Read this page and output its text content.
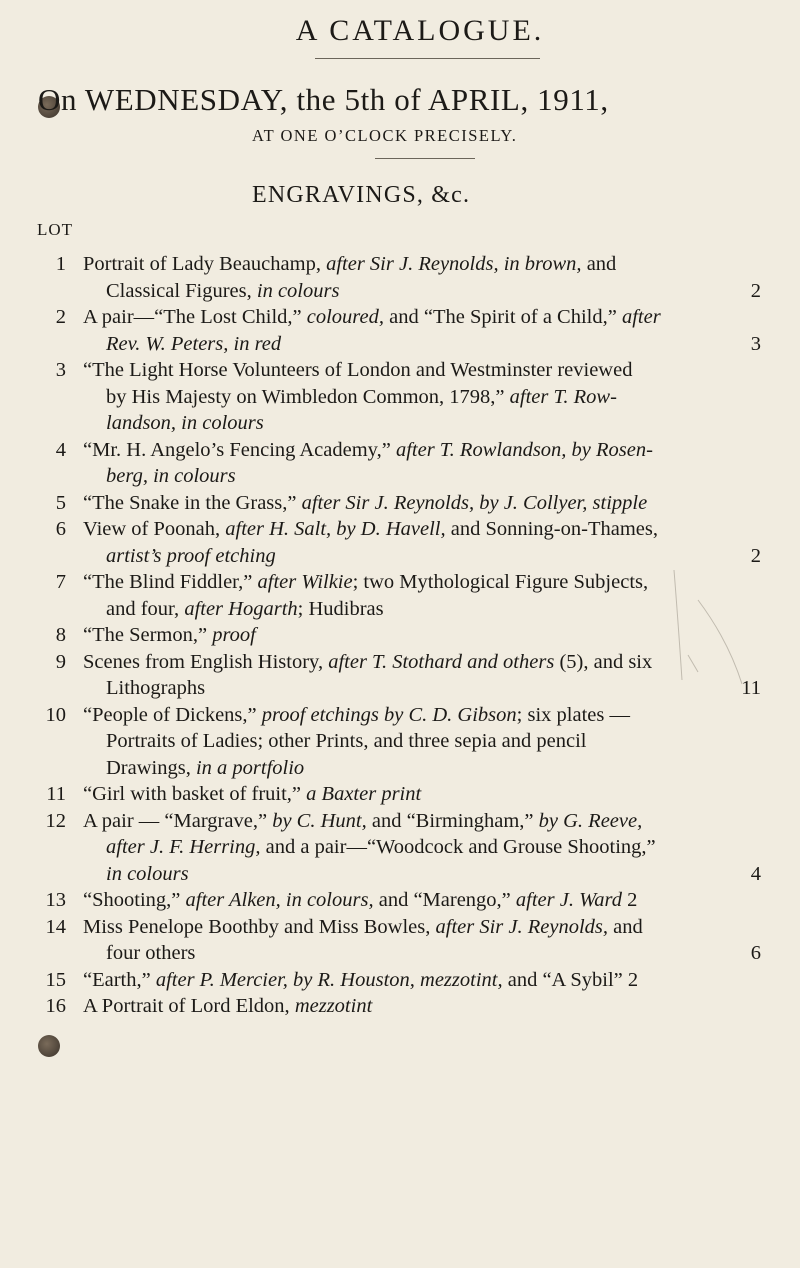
A CATALOGUE.
On WEDNESDAY, the 5th of APRIL, 1911,
AT ONE O’CLOCK PRECISELY.
ENGRAVINGS, &c.
LOT
1 Portrait of Lady Beauchamp, after Sir J. Reynolds, in brown, and
Classical Figures, in colours	2
2 A pair—“The Lost Child,” coloured, and “The Spirit of a Child,” after
Rev. W. Peters, in red	3
3 “The Light Horse Volunteers of London and Westminster reviewed
by His Majesty on Wimbledon Common, 1798,” after T. Row-
landson, in colours
4 “Mr. H. Angelo’s Fencing Academy,” after T. Rowlandson, by Rosen-
berg, in colours
5 “The Snake in the Grass,” after Sir J. Reynolds, by J. Collyer, stipple
6 View of Poonah, after H. Salt, by D. Havell, and Sonning-on-Thames,
artist’s proof etching	2
7 “The Blind Fiddler,” after Wilkie; two Mythological Figure Subjects,
and four, after Hogarth; Hudibras
8 “The Sermon,” proof
9 Scenes from English History, after T. Stothard and others (5), and six
Lithographs	11
10 “People of Dickens,” proof etchings by C. D. Gibson; six plates —
Portraits of Ladies; other Prints, and three sepia and pencil
Drawings, in a portfolio
11 “Girl with basket of fruit,” a Baxter print
12 A pair — “Margrave,” by C. Hunt, and “Birmingham,” by G. Reeve,
after J. F. Herring, and a pair—“Woodcock and Grouse Shooting,”
in colours	4
13 “Shooting,” after Alken, in colours, and “Marengo,” after J. Ward 2
14 Miss Penelope Boothby and Miss Bowles, after Sir J. Reynolds, and
four others	6
15 “Earth,” after P. Mercier, by R. Houston, mezzotint, and “A Sybil” 2
16 A Portrait of Lord Eldon, mezzotint
